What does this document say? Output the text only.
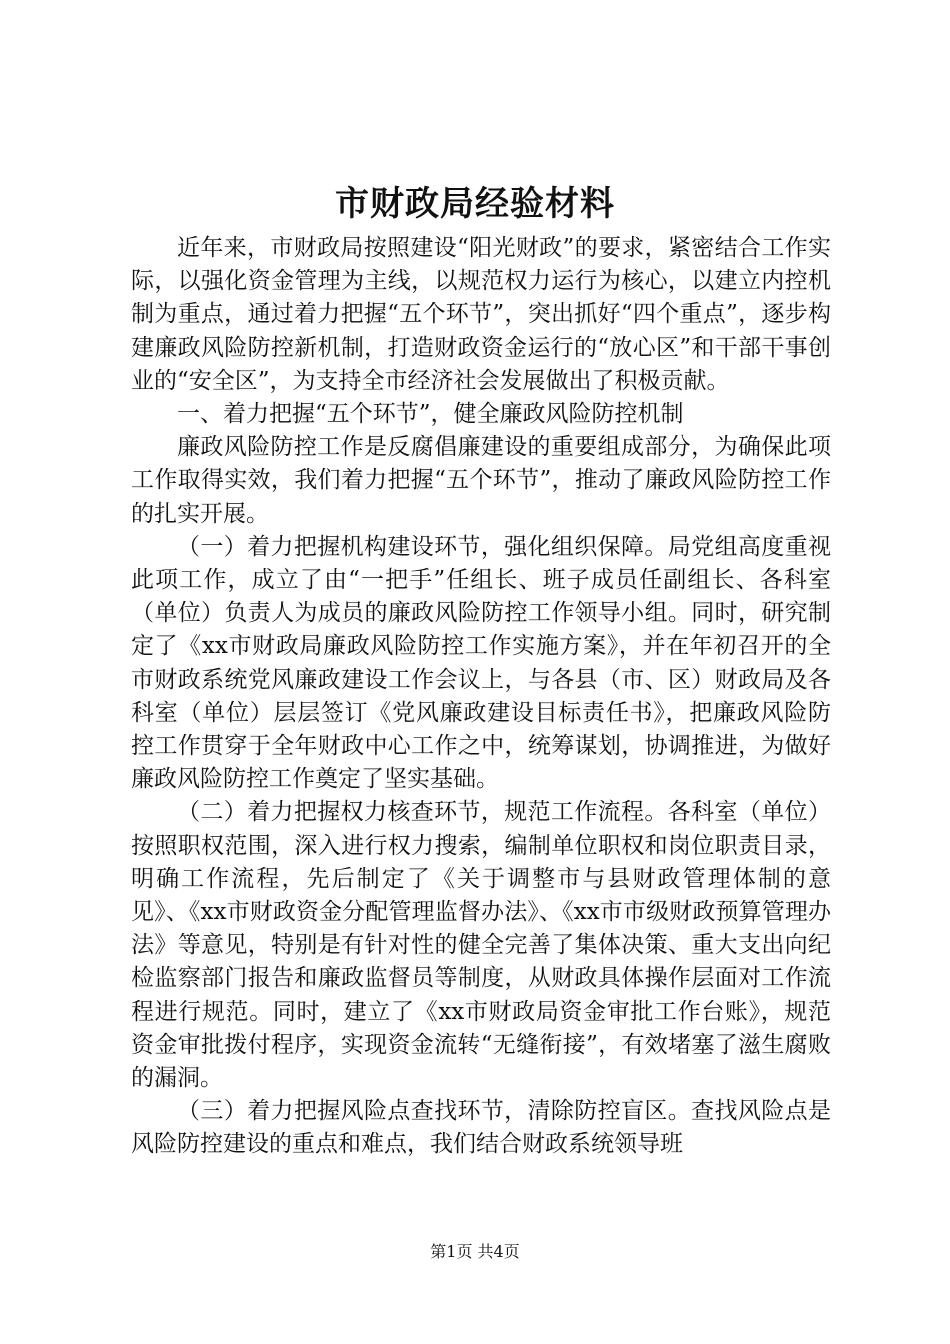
市财政局经验材料

近年来，市财政局按照建设“阳光财政”的要求，紧密结合工作实际，以强化资金管理为主线，以规范权力运行为核心，以建立内控机制为重点，通过着力把握“五个环节”，突出抓好“四个重点”，逐步构建廉政风险防控新机制，打造财政资金运行的“放心区”和干部干事创业的“安全区”，为支持全市经济社会发展做出了积极贡献。

一、着力把握“五个环节”，健全廉政风险防控机制

廉政风险防控工作是反腐倡廉建设的重要组成部分，为确保此项工作取得实效，我们着力把握“五个环节”，推动了廉政风险防控工作的扎实开展。

（一）着力把握机构建设环节，强化组织保障。局党组高度重视此项工作，成立了由“一把手”任组长、班子成员任副组长、各科室（单位）负责人为成员的廉政风险防控工作领导小组。同时，研究制定了《xx市财政局廉政风险防控工作实施方案》，并在年初召开的全市财政系统党风廉政建设工作会议上，与各县（市、区）财政局及各科室（单位）层层签订《党风廉政建设目标责任书》，把廉政风险防控工作贯穿于全年财政中心工作之中，统筹谋划，协调推进，为做好廉政风险防控工作奠定了坚实基础。

（二）着力把握权力核查环节，规范工作流程。各科室（单位）按照职权范围，深入进行权力搜索，编制单位职权和岗位职责目录，明确工作流程，先后制定了《关于调整市与县财政管理体制的意见》、《xx市财政资金分配管理监督办法》、《xx市市级财政预算管理办法》等意见，特别是有针对性的健全完善了集体决策、重大支出向纪检监察部门报告和廉政监督员等制度，从财政具体操作层面对工作流程进行规范。同时，建立了《xx市财政局资金审批工作台账》，规范资金审批拨付程序，实现资金流转“无缝衔接”，有效堵塞了滋生腐败的漏洞。

（三）着力把握风险点查找环节，清除防控盲区。查找风险点是风险防控建设的重点和难点，我们结合财政系统领导班

第1页 共4页
